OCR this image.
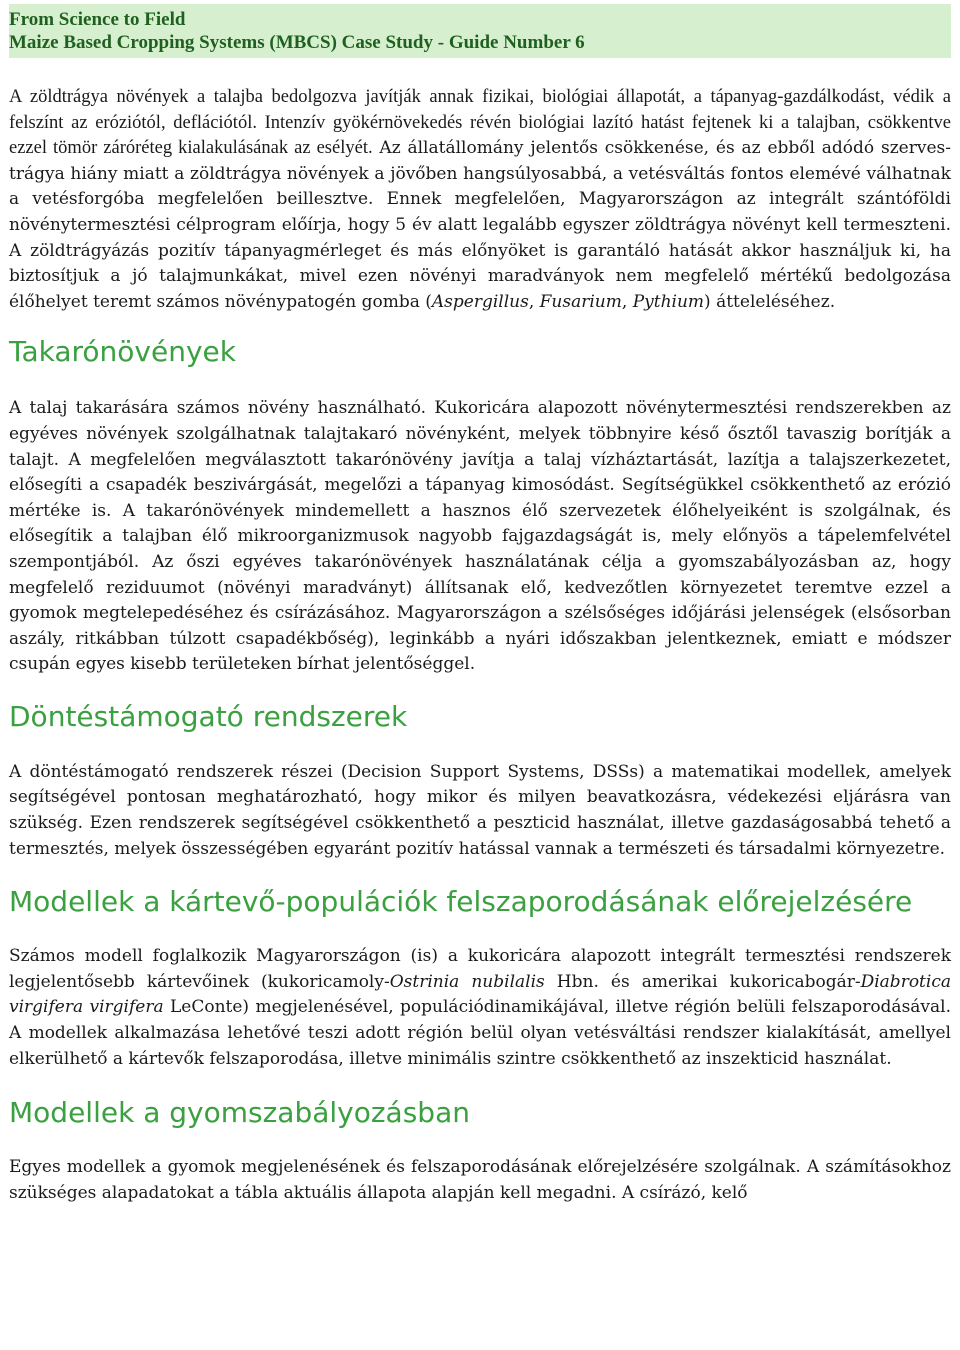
From Science to Field
Maize Based Cropping Systems (MBCS) Case Study - Guide Number 6

A zöldtrágya növények a talajba bedolgozva javítják annak fizikai, biológiai állapotát, a tápanyag-gazdálkodást, védik a felszínt az eróziótól, deflációtól. Intenzív gyökérnövekedés révén biológiai lazító hatást fejtenek ki a talajban, csökkentve ezzel tömör záróréteg kialakulásának az esélyét. Az állatállomány jelentős csökkenése, és az ebből adódó szerves-trágya hiány miatt a zöldtrágya növények a jövőben hangsúlyosabbá, a vetésváltás fontos elemévé válhatnak a vetésforgóba megfelelően beillesztve. Ennek megfelelően, Magyarországon az integrált szántóföldi növénytermesztési célprogram előírja, hogy 5 év alatt legalább egyszer zöldtrágya növényt kell termeszteni. A zöldtrágyázás pozitív tápanyagmérleget és más előnyöket is garantáló hatását akkor használjuk ki, ha biztosítjuk a jó talajmunkákat, mivel ezen növényi maradványok nem megfelelő mértékű bedolgozása élőhelyet teremt számos növénypatogén gomba (Aspergillus, Fusarium, Pythium) átteleléséhez.

Takarónövények

A talaj takarására számos növény használható. Kukoricára alapozott növénytermesztési rendszerekben az egyéves növények szolgálhatnak talajtakaró növényként, melyek többnyire késő ősztől tavaszig borítják a talajt. A megfelelően megválasztott takarónövény javítja a talaj vízháztartását, lazítja a talajszerkezetet, elősegíti a csapadék beszivárgását, megelőzi a tápanyag kimosódást. Segítségükkel csökkenthető az erózió mértéke is. A takarónövények mindemellett a hasznos élő szervezetek élőhelyeiként is szolgálnak, és elősegítik a talajban élő mikroorganizmusok nagyobb fajgazdagságát is, mely előnyös a tápelemfelvétel szempontjából. Az őszi egyéves takarónövények használatának célja a gyomszabályozásban az, hogy megfelelő reziduumot (növényi maradványt) állítsanak elő, kedvezőtlen környezetet teremtve ezzel a gyomok megtelepedéséhez és csírázásához. Magyarországon a szélsőséges időjárási jelenségek (elsősorban aszály, ritkábban túlzott csapadékbőség), leginkább a nyári időszakban jelentkeznek, emiatt e módszer csupán egyes kisebb területeken bírhat jelentőséggel.

Döntéstámogató rendszerek

A döntéstámogató rendszerek részei (Decision Support Systems, DSSs) a matematikai modellek, amelyek segítségével pontosan meghatározható, hogy mikor és milyen beavatkozásra, védekezési eljárásra van szükség. Ezen rendszerek segítségével csökkenthető a peszticid használat, illetve gazdaságosabbá tehető a termesztés, melyek összességében egyaránt pozitív hatással vannak a természeti és társadalmi környezetre.

Modellek a kártevő-populációk felszaporodásának előrejelzésére

Számos modell foglalkozik Magyarországon (is) a kukoricára alapozott integrált termesztési rendszerek legjelentősebb kártevőinek (kukoricamoly-Ostrinia nubilalis Hbn. és amerikai kukoricabogár-Diabrotica virgifera virgifera LeConte) megjelenésével, populációdinamikájával, illetve régión belüli felszaporodásával. A modellek alkalmazása lehetővé teszi adott régión belül olyan vetésváltási rendszer kialakítását, amellyel elkerülhető a kártevők felszaporodása, illetve minimális szintre csökkenthető az inszekticid használat.

Modellek a gyomszabályozásban

Egyes modellek a gyomok megjelenésének és felszaporodásának előrejelzésére szolgálnak. A számításokhoz szükséges alapadatokat a tábla aktuális állapota alapján kell megadni. A csírázó, kelő
